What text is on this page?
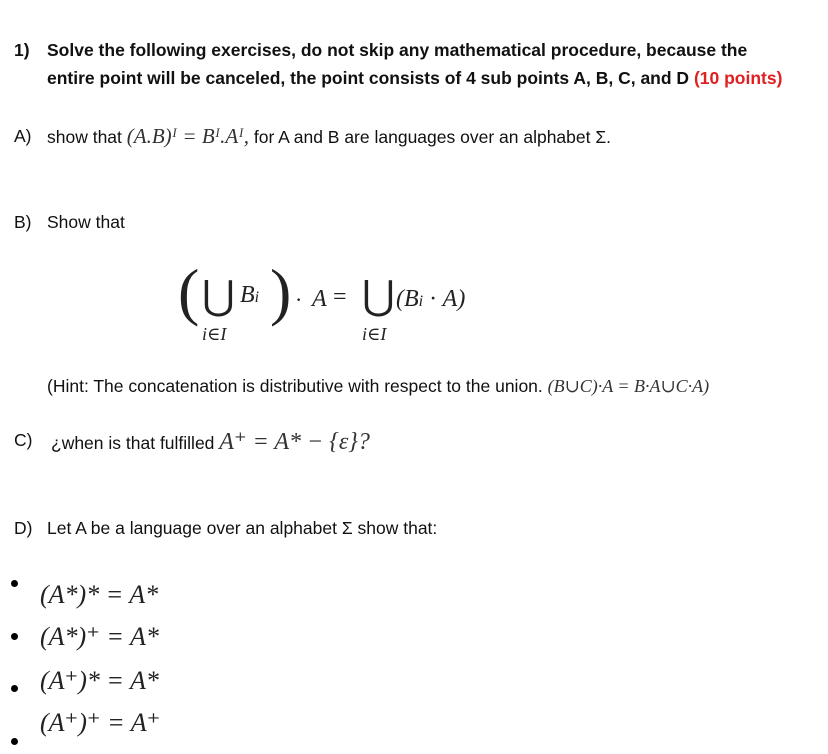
1) Solve the following exercises, do not skip any mathematical procedure, because the
entire point will be canceled, the point consists of 4 sub points A, B, C, and D (10 points)
A) show that (A.B)ᴵ = Bᴵ.Aᴵ, for A and B are languages over an alphabet Σ.
B) Show that
( ⋃ Bi )
i∈I
· A = ⋃ (Bi · A)
i∈I
(Hint: The concatenation is distributive with respect to the union. (B∪C)·A = B·A∪C·A)
C) ¿when is that fulfilled A⁺ = A* − {ε}?
D) Let A be a language over an alphabet Σ show that:
(A*)* = A*
(A*)⁺ = A*
(A⁺)* = A*
(A⁺)⁺ = A⁺
